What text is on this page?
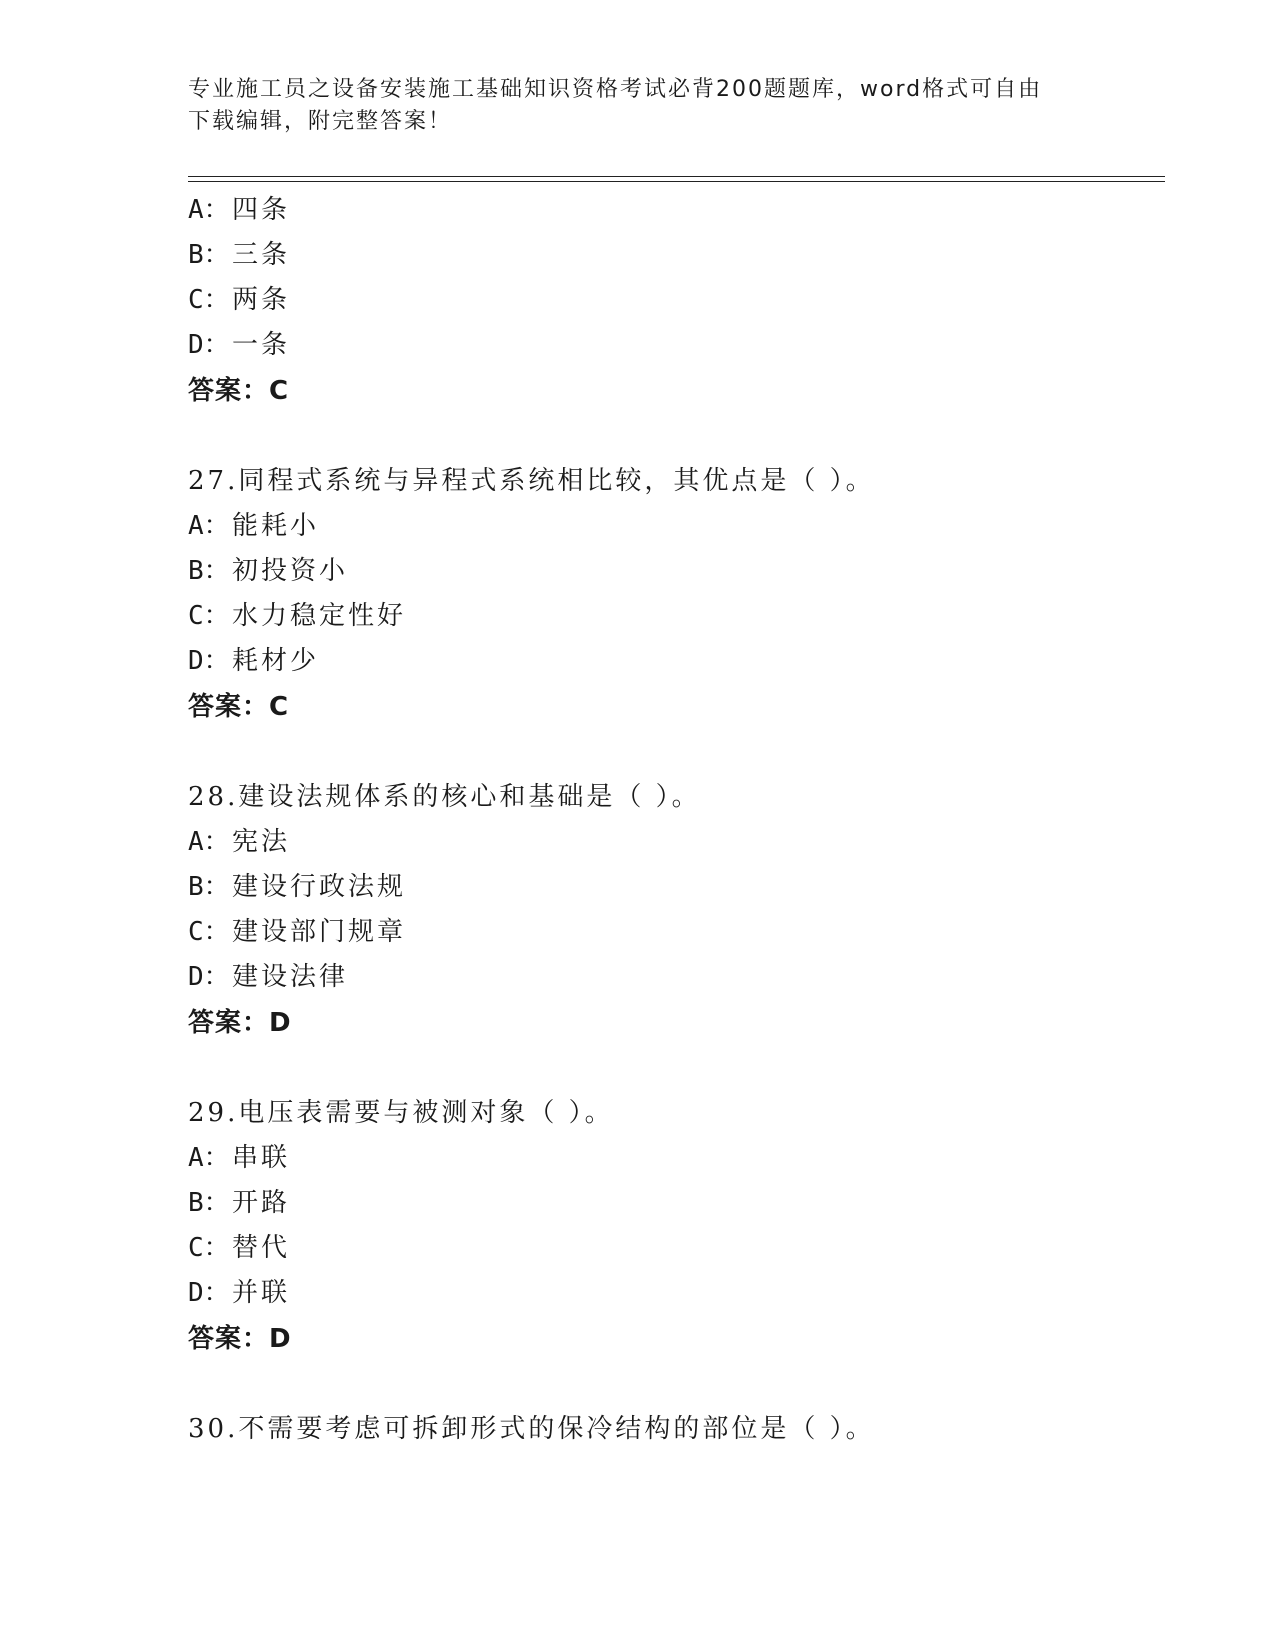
专业施工员之设备安装施工基础知识资格考试必背200题题库，word格式可自由
下载编辑，附完整答案！
A：四条
B：三条
C：两条
D：一条
答案：C
27.同程式系统与异程式系统相比较，其优点是（ ）。
A：能耗小
B：初投资小
C：水力稳定性好
D：耗材少
答案：C
28.建设法规体系的核心和基础是（ ）。
A：宪法
B：建设行政法规
C：建设部门规章
D：建设法律
答案：D
29.电压表需要与被测对象（ ）。
A：串联
B：开路
C：替代
D：并联
答案：D
30.不需要考虑可拆卸形式的保冷结构的部位是（ ）。
